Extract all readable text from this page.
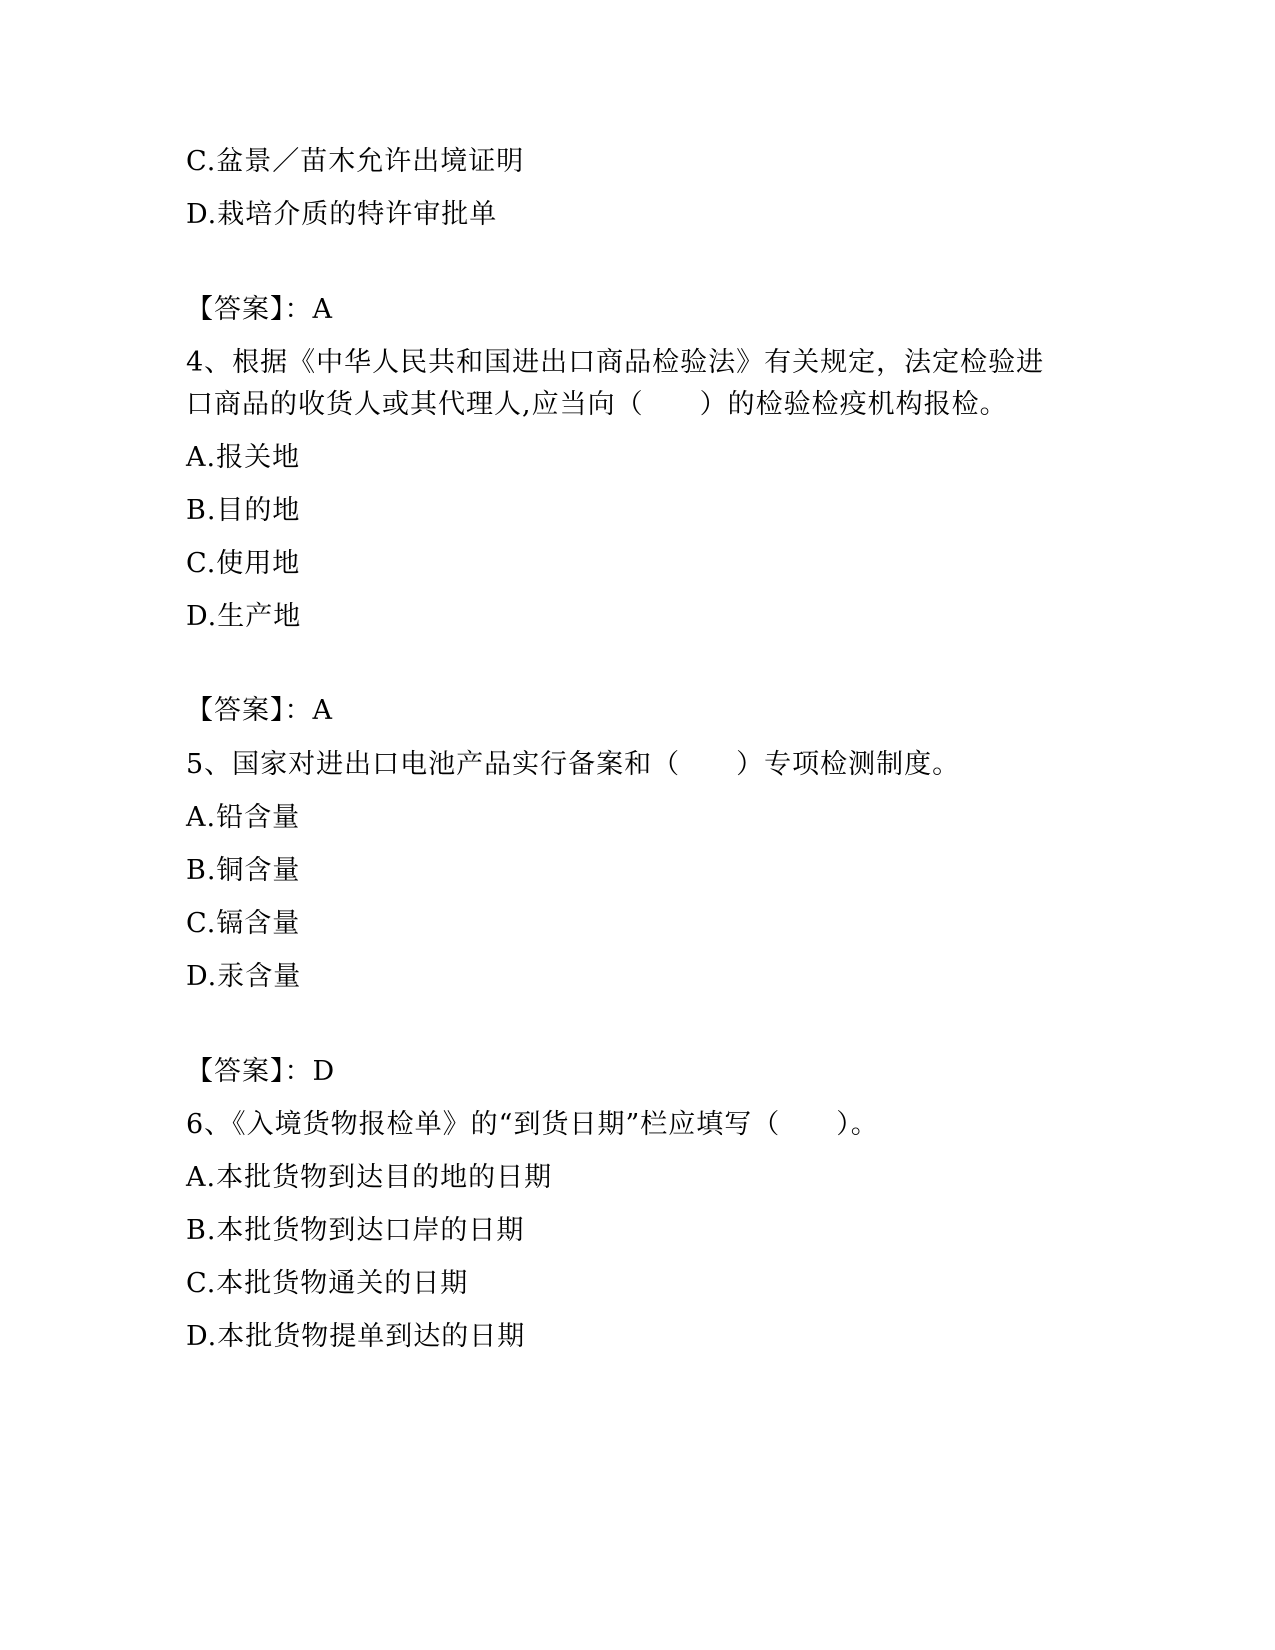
C.盆景／苗木允许出境证明
D.栽培介质的特许审批单
【答案】：A
4、根据《中华人民共和国进出口商品检验法》有关规定，法定检验进
口商品的收货人或其代理人,应当向（　　）的检验检疫机构报检。
A.报关地
B.目的地
C.使用地
D.生产地
【答案】：A
5、国家对进出口电池产品实行备案和（　　）专项检测制度。
A.铅含量
B.铜含量
C.镉含量
D.汞含量
【答案】：D
6、《入境货物报检单》的“到货日期”栏应填写（　　）。
A.本批货物到达目的地的日期
B.本批货物到达口岸的日期
C.本批货物通关的日期
D.本批货物提单到达的日期
